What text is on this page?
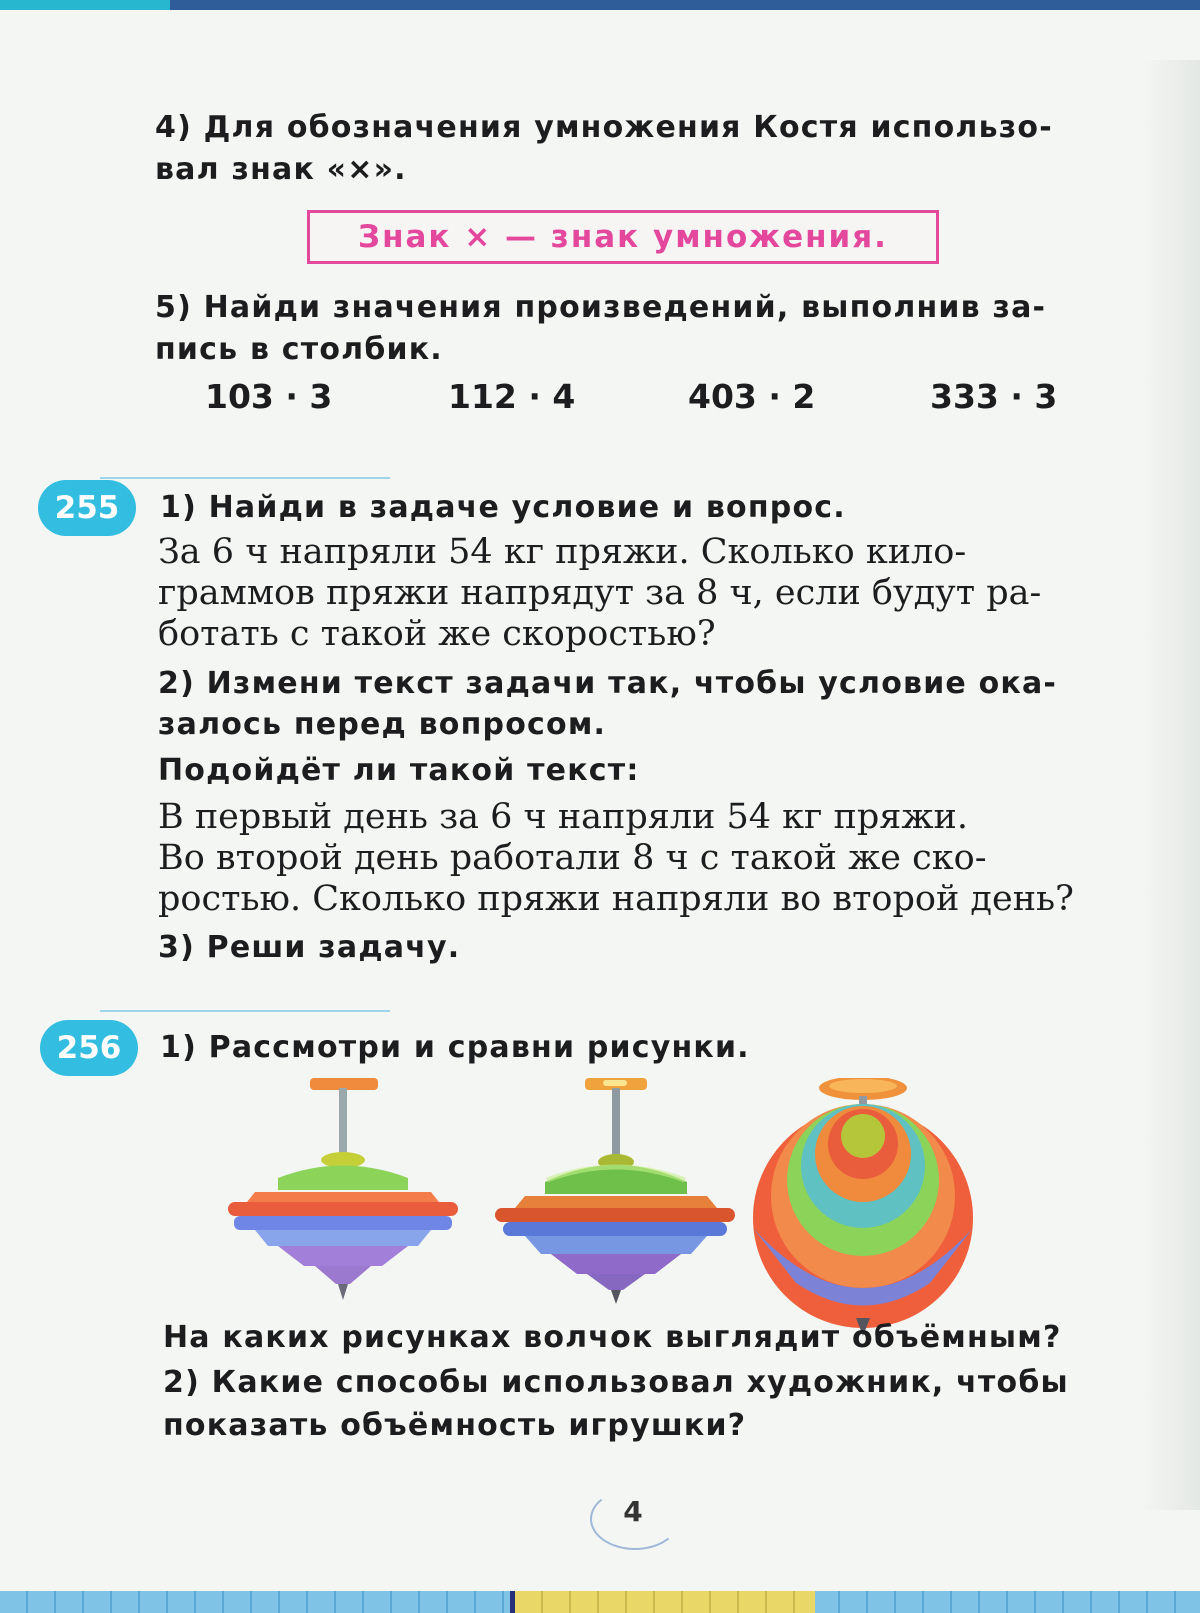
4) Для обозначения умножения Костя использо-

вал знак «×».

Знак × — знак умножения.

5) Найди значения произведений, выполнив за-

пись в столбик.

103 · 3	112 · 4	403 · 2	333 · 3
255	1) Найди в задаче условие и вопрос.

За 6 ч напряли 54 кг пряжи. Сколько кило-

граммов пряжи напрядут за 8 ч, если будут ра-

ботать с такой же скоростью?

2) Измени текст задачи так, чтобы условие ока-

залось перед вопросом.

Подойдёт ли такой текст:

В первый день за 6 ч напряли 54 кг пряжи.

Во второй день работали 8 ч с такой же ско-

ростью. Сколько пряжи напряли во второй день?

3) Реши задачу.

256	1) Рассмотри и сравни рисунки.

На каких рисунках волчок выглядит объёмным?

2) Какие способы использовал художник, чтобы

показать объёмность игрушки?

4
